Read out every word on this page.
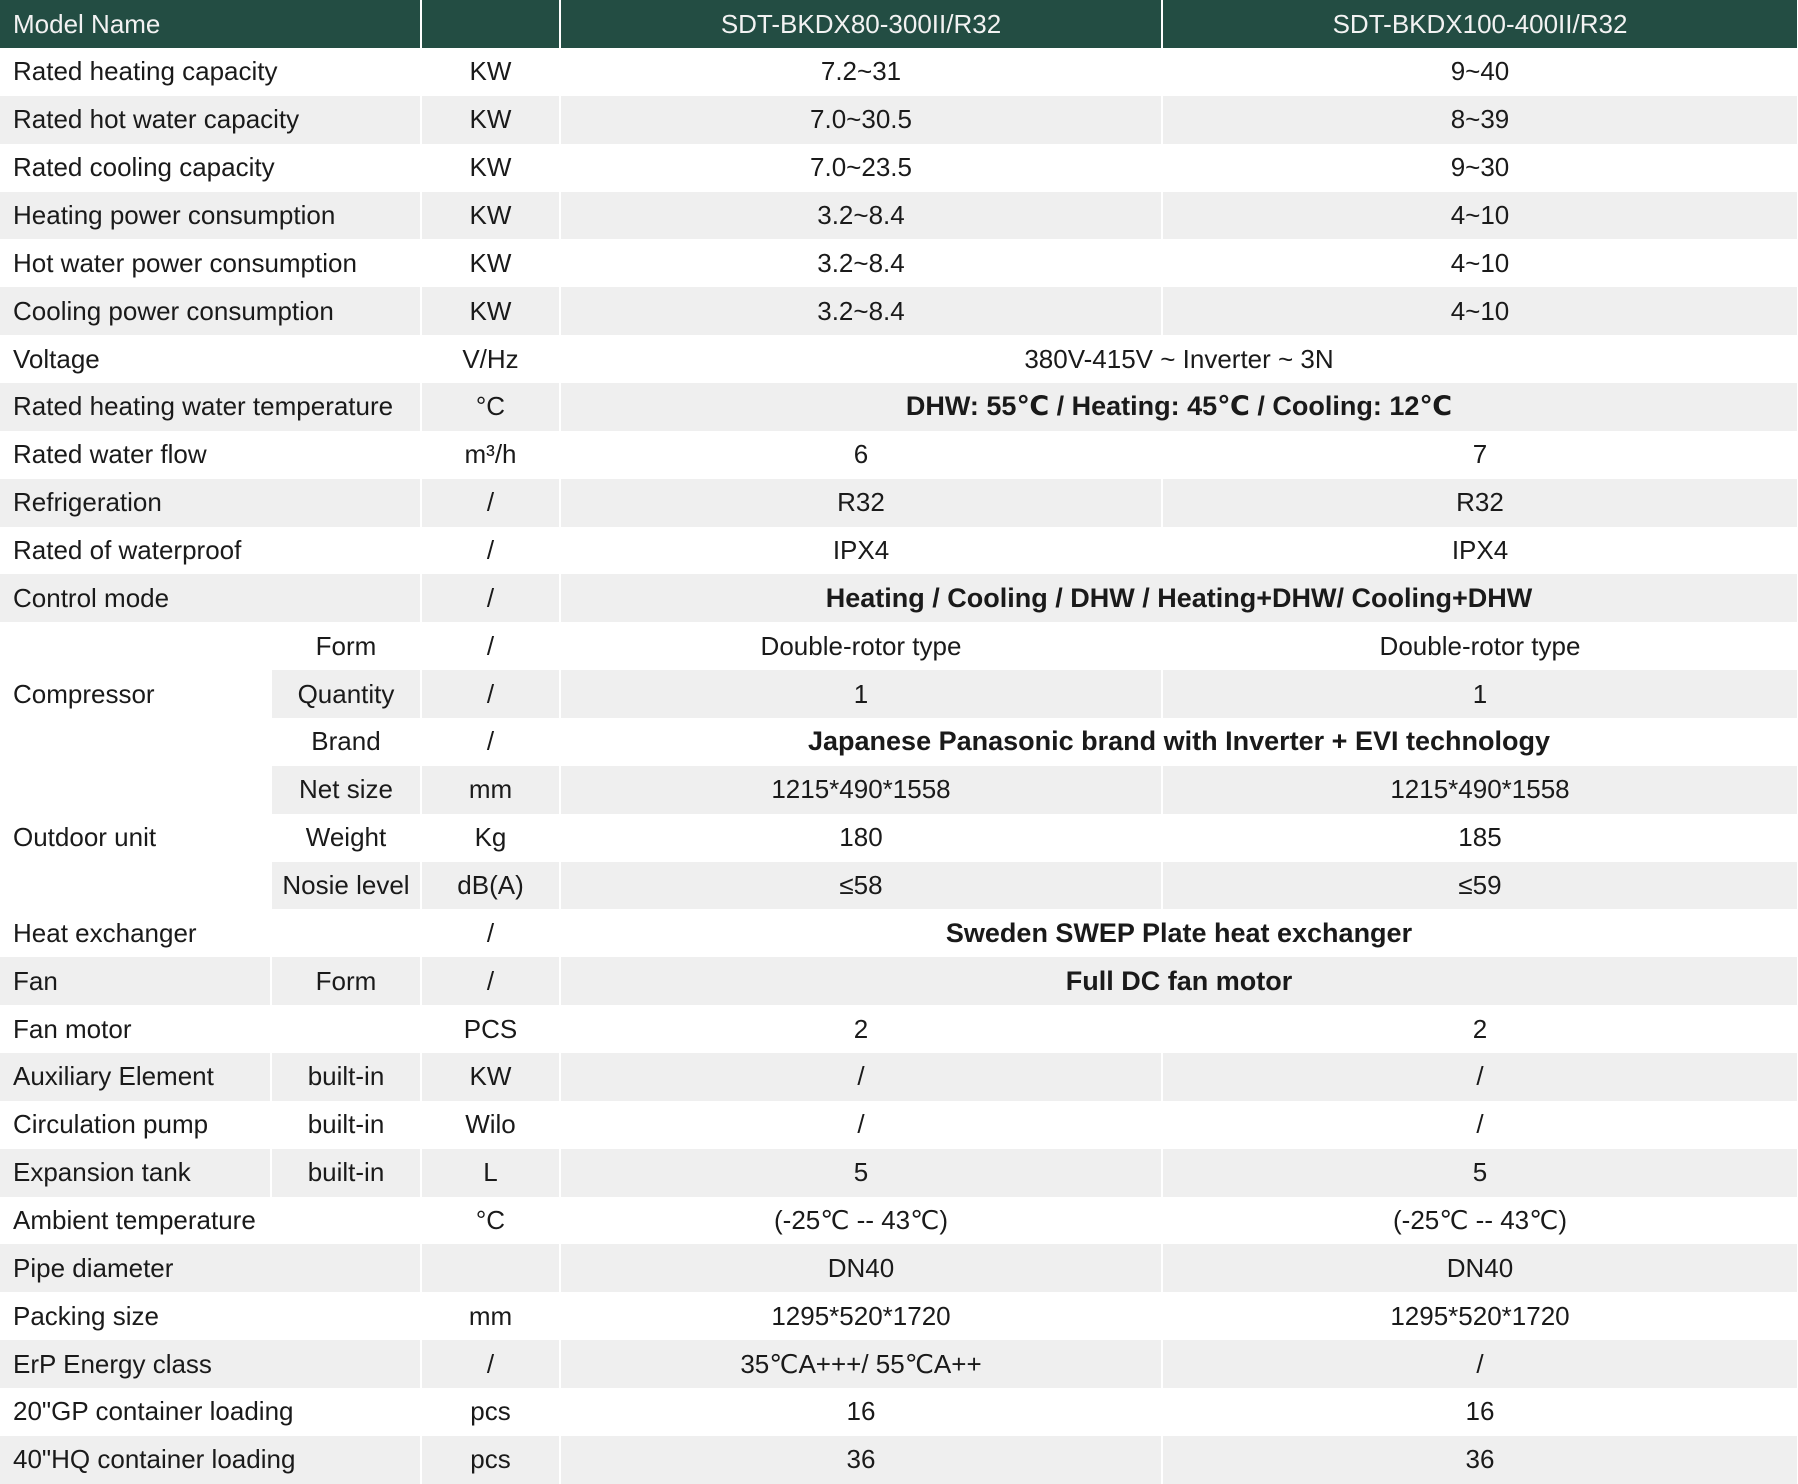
Model Name			SDT-BKDX80-300II/R32	SDT-BKDX100-400II/R32
Rated heating capacity		KW	7.2~31	9~40
Rated hot water capacity		KW	7.0~30.5	8~39
Rated cooling capacity		KW	7.0~23.5	9~30
Heating power consumption		KW	3.2~8.4	4~10
Hot water power consumption		KW	3.2~8.4	4~10
Cooling power consumption		KW	3.2~8.4	4~10
Voltage		V/Hz	380V-415V ~ Inverter ~ 3N	
Rated heating water temperature		°C	DHW: 55℃ / Heating: 45℃ / Cooling: 12℃	
Rated water flow		m³/h	6	7
Refrigeration		/	R32	R32
Rated of waterproof		/	IPX4	IPX4
Control mode		/	Heating / Cooling / DHW / Heating+DHW/ Cooling+DHW	
Compressor	Form	/	Double-rotor type	Double-rotor type
	Quantity	/	1	1
	Brand	/	Japanese Panasonic brand with Inverter + EVI technology	
Outdoor unit	Net size	mm	1215*490*1558	1215*490*1558
	Weight	Kg	180	185
	Nosie level	dB(A)	≤58	≤59
Heat exchanger		/	Sweden SWEP Plate heat exchanger	
Fan	Form	/	Full DC fan motor	
Fan motor		PCS	2	2
Auxiliary Element	built-in	KW	/	/
Circulation pump	built-in	Wilo	/	/
Expansion tank	built-in	L	5	5
Ambient temperature		°C	(-25℃ -- 43℃)	(-25℃ -- 43℃)
Pipe diameter			DN40	DN40
Packing size		mm	1295*520*1720	1295*520*1720
ErP Energy class		/	35℃A+++/ 55℃A++	/
20"GP container loading		pcs	16	16
40"HQ container loading		pcs	36	36
